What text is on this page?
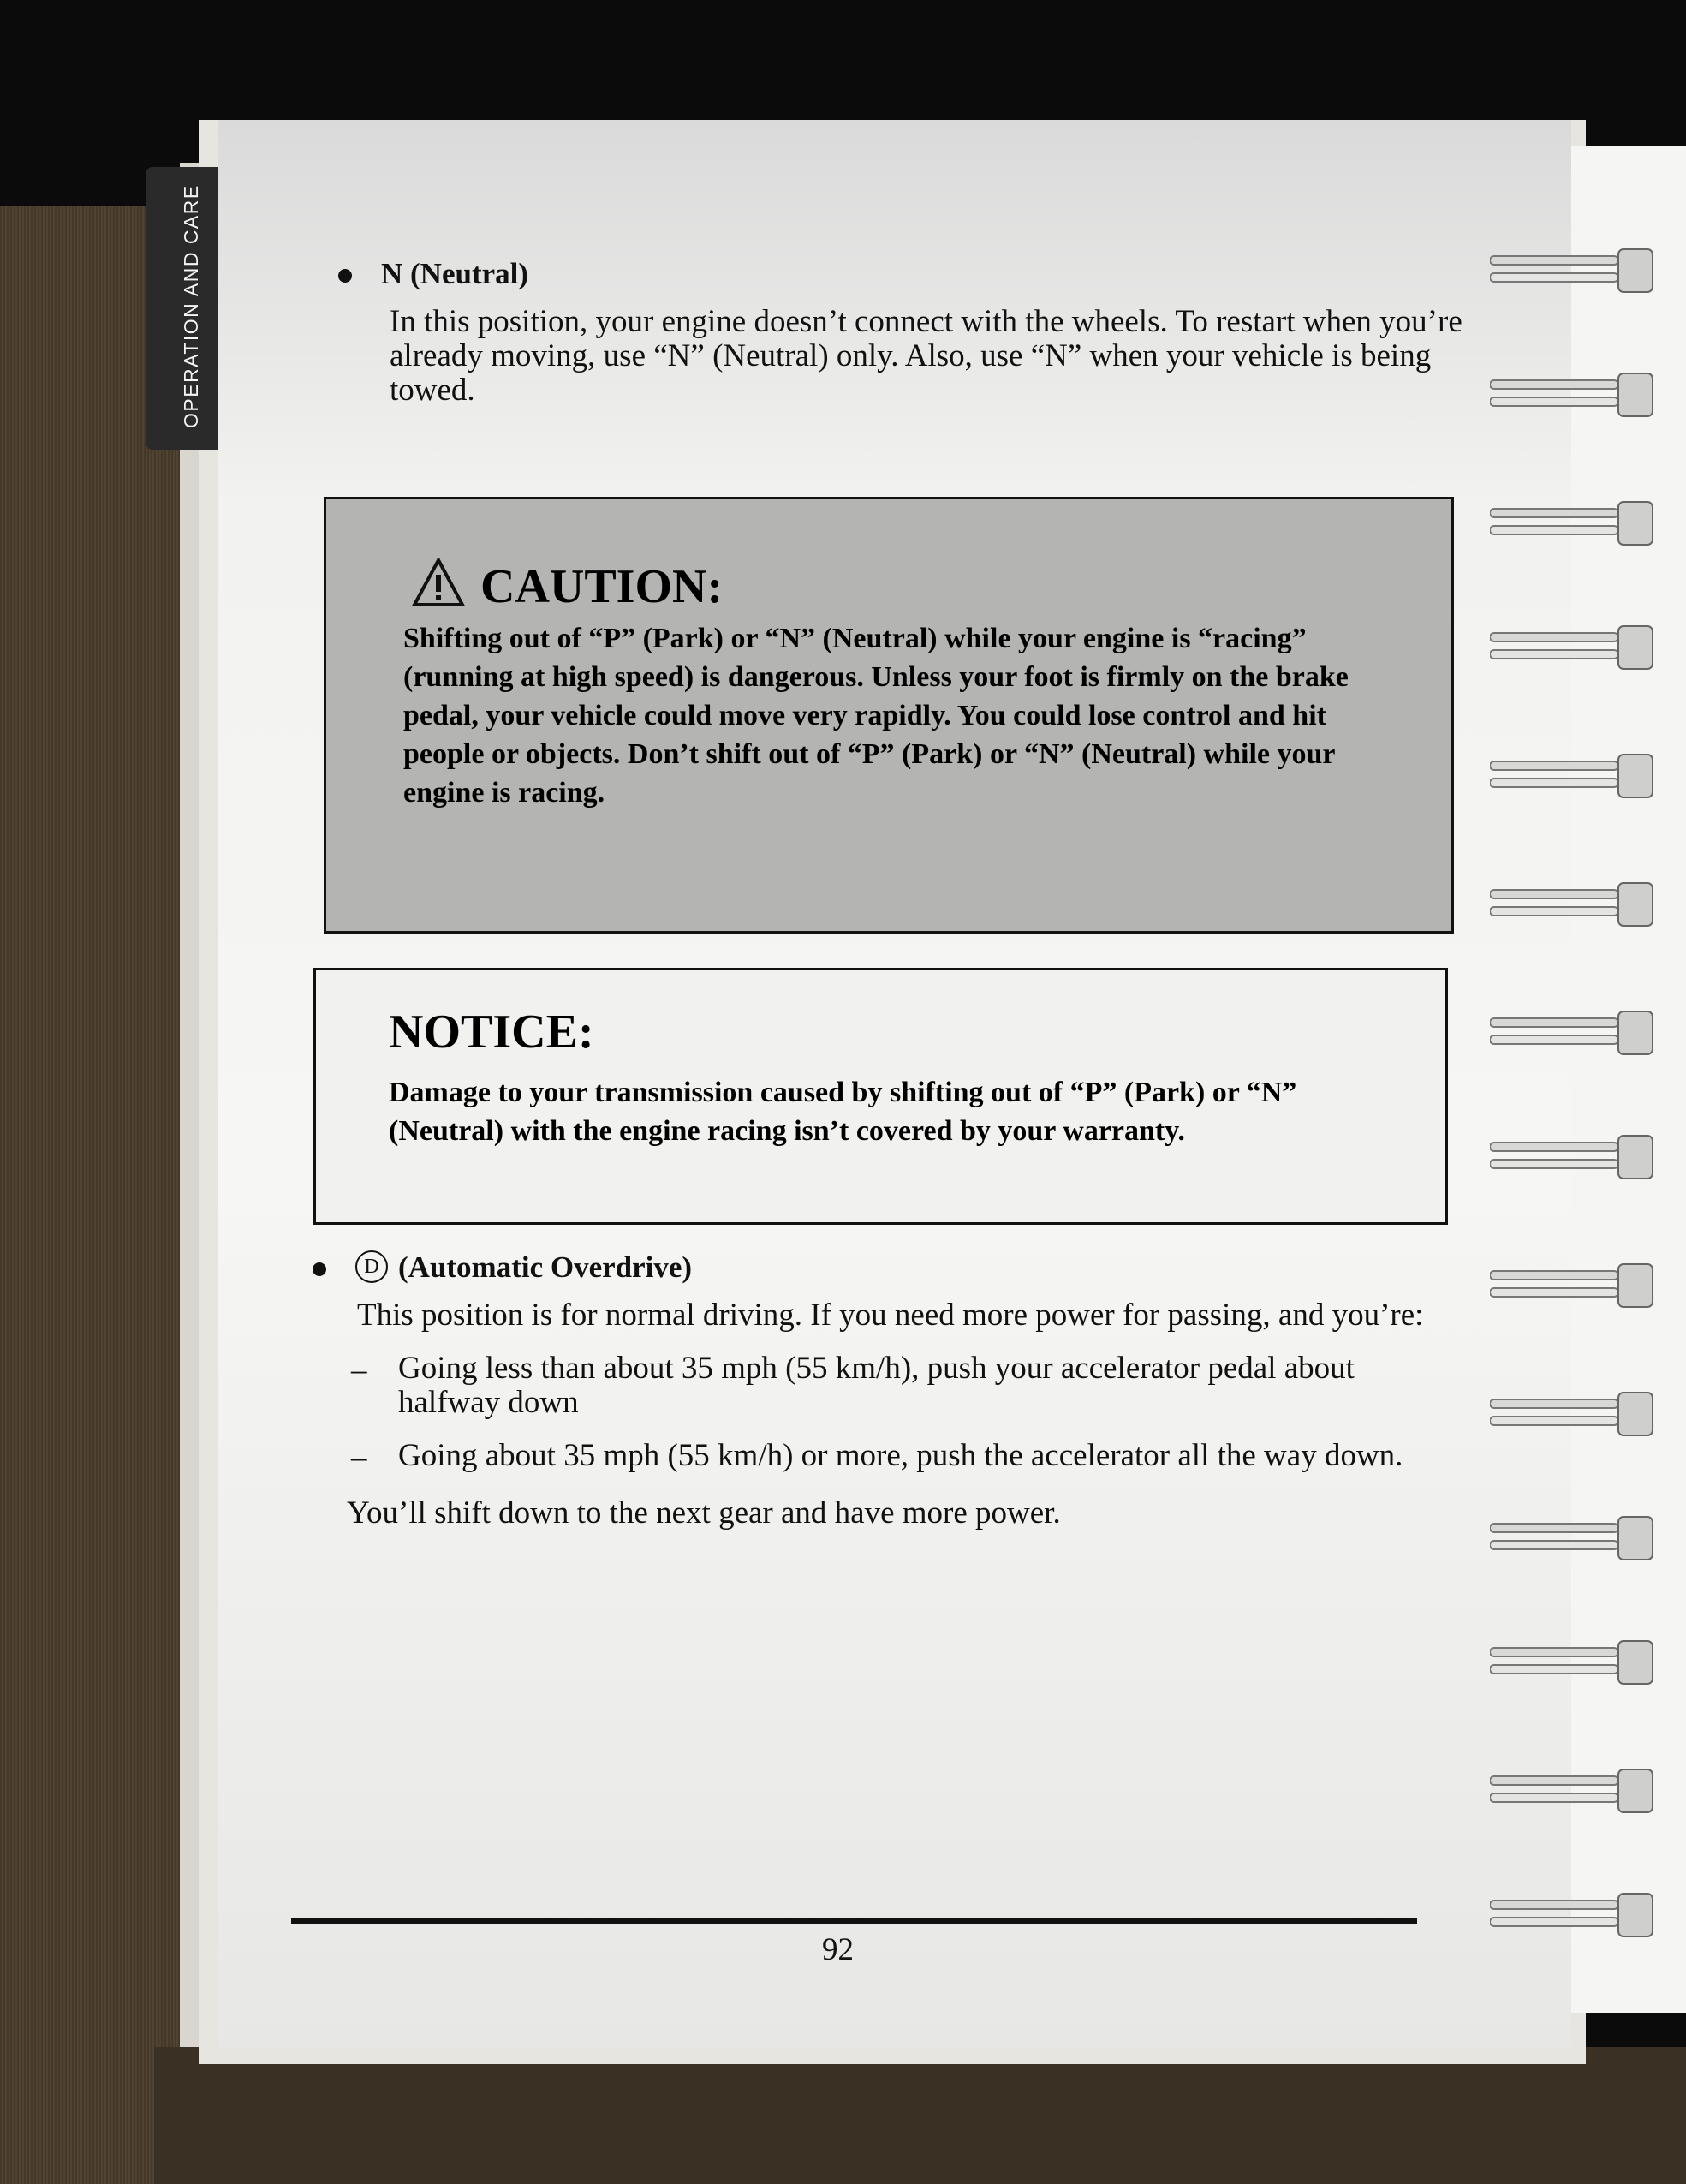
OPERATION AND CARE	N (Neutral)
In this position, your engine doesn’t connect with the wheels. To restart when you’re already moving, use “N” (Neutral) only. Also, use “N” when your vehicle is being towed.
CAUTION:
Shifting out of “P” (Park) or “N” (Neutral) while your engine is “racing” (running at high speed) is dangerous. Unless your foot is firmly on the brake pedal, your vehicle could move very rapidly. You could lose control and hit people or objects. Don’t shift out of “P” (Park) or “N” (Neutral) while your engine is racing.
NOTICE:
Damage to your transmission caused by shifting out of “P” (Park) or “N” (Neutral) with the engine racing isn’t covered by your warranty.
D (Automatic Overdrive)
This position is for normal driving. If you need more power for passing, and you’re:
– Going less than about 35 mph (55 km/h), push your accelerator pedal about halfway down
– Going about 35 mph (55 km/h) or more, push the accelerator all the way down.
You’ll shift down to the next gear and have more power.
92
